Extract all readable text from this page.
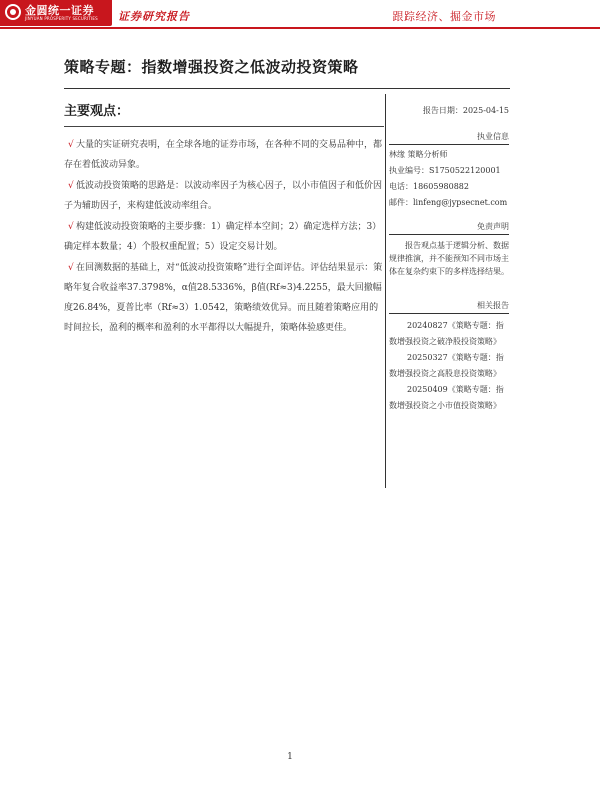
金圆统一证券
JINYUAN PROSPERITY SECURITIES 证券研究报告	跟踪经济、掘金市场
策略专题：指数增强投资之低波动投资策略
主要观点：

√ 大量的实证研究表明，在全球各地的证券市场，在各种不同的交易品种中，都存在着低波动异象。

√ 低波动投资策略的思路是：以波动率因子为核心因子，以小市值因子和低价因子为辅助因子，来构建低波动率组合。

√ 构建低波动投资策略的主要步骤：1）确定样本空间；2）确定选样方法；3）确定样本数量；4）个股权重配置；5）设定交易计划。

√ 在回测数据的基础上，对“低波动投资策略”进行全面评估。评估结果显示：策略年复合收益率37.3798%，α值28.5336%，β值(Rf≈3)4.2255，最大回撤幅度26.84%，夏普比率（Rf≈3）1.0542，策略绩效优异。而且随着策略应用的时间拉长，盈利的概率和盈利的水平都得以大幅提升，策略体验感更佳。

报告日期：2025-04-15
执业信息
林缘 策略分析师
执业编号：S1750522120001
电话：18605980882
邮件：linfeng@jypsecnet.com
免责声明
报告观点基于逻辑分析、数据规律推演，并不能预知不同市场主体在复杂约束下的多样选择结果。
相关报告

20240827《策略专题：指数增强投资之破净股投资策略》

20250327《策略专题：指数增强投资之高股息投资策略》

20250409《策略专题：指数增强投资之小市值投资策略》

1
